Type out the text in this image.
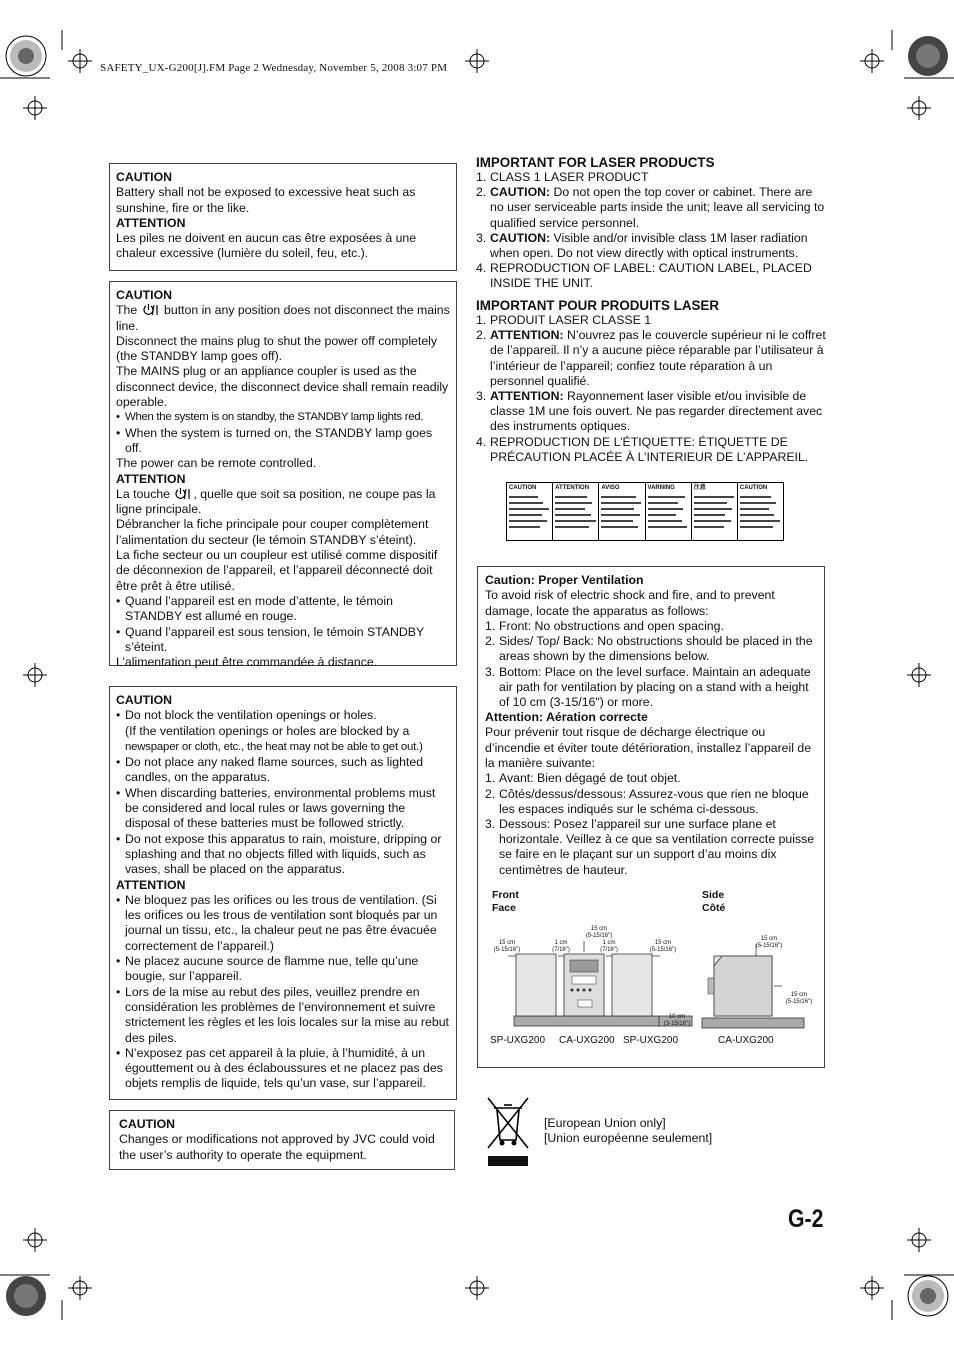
SAFETY_UX-G200[J].FM Page 2 Wednesday, November 5, 2008 3:07 PM

CAUTION

Battery shall not be exposed to excessive heat such as sunshine, fire or the like.

ATTENTION

Les piles ne doivent en aucun cas être exposées à une chaleur excessive (lumière du soleil, feu, etc.).

CAUTION

The button in any position does not disconnect the mains line.

Disconnect the mains plug to shut the power off completely (the STANDBY lamp goes off).

The MAINS plug or an appliance coupler is used as the disconnect device, the disconnect device shall remain readily operable.

• When the system is on standby, the STANDBY lamp lights red.
• When the system is turned on, the STANDBY lamp goes off.

The power can be remote controlled.

ATTENTION

La touche , quelle que soit sa position, ne coupe pas la ligne principale.

Débrancher la fiche principale pour couper complètement l’alimentation du secteur (le témoin STANDBY s’éteint).

La fiche secteur ou un coupleur est utilisé comme dispositif de déconnexion de l’appareil, et l’appareil déconnecté doit être prêt à être utilisé.

• Quand l’appareil est en mode d’attente, le témoin STANDBY est allumé en rouge.
• Quand l’appareil est sous tension, le témoin STANDBY s’éteint.

L’alimentation peut être commandée à distance.

CAUTION

• Do not block the ventilation openings or holes.
(If the ventilation openings or holes are blocked by a
newspaper or cloth, etc., the heat may not be able to get out.)
• Do not place any naked flame sources, such as lighted candles, on the apparatus.
• When discarding batteries, environmental problems must be considered and local rules or laws governing the disposal of these batteries must be followed strictly.
• Do not expose this apparatus to rain, moisture, dripping or splashing and that no objects filled with liquids, such as vases, shall be placed on the apparatus.

ATTENTION

• Ne bloquez pas les orifices ou les trous de ventilation. (Si les orifices ou les trous de ventilation sont bloqués par un journal un tissu, etc., la chaleur peut ne pas être évacuée correctement de l’appareil.)
• Ne placez aucune source de flamme nue, telle qu’une bougie, sur l’appareil.
• Lors de la mise au rebut des piles, veuillez prendre en considération les problèmes de l’environnement et suivre strictement les règles et les lois locales sur la mise au rebut des piles.
• N’exposez pas cet appareil à la pluie, à l’humidité, à un égouttement ou à des éclaboussures et ne placez pas des objets remplis de liquide, tels qu’un vase, sur l’appareil.

CAUTION

Changes or modifications not approved by JVC could void the user’s authority to operate the equipment.

IMPORTANT FOR LASER PRODUCTS
1. CLASS 1 LASER PRODUCT
2. CAUTION: Do not open the top cover or cabinet. There are no user serviceable parts inside the unit; leave all servicing to qualified service personnel.
3. CAUTION: Visible and/or invisible class 1M laser radiation when open. Do not view directly with optical instruments.
4. REPRODUCTION OF LABEL: CAUTION LABEL, PLACED INSIDE THE UNIT.
IMPORTANT POUR PRODUITS LASER
1. PRODUIT LASER CLASSE 1
2. ATTENTION: N’ouvrez pas le couvercle supérieur ni le coffret de l’appareil. Il n’y a aucune pièce réparable par l’utilisateur à l’intérieur de l’appareil; confiez toute réparation à un personnel qualifié.
3. ATTENTION: Rayonnement laser visible et/ou invisible de classe 1M une fois ouvert. Ne pas regarder directement avec des instruments optiques.
4. REPRODUCTION DE L’ÉTIQUETTE: ÉTIQUETTE DE PRÉCAUTION PLACÉE À L’INTERIEUR DE L’APPAREIL.
CAUTION	ATTENTION	AVISO	VARNING	注意	CAUTION

Caution: Proper Ventilation

To avoid risk of electric shock and fire, and to prevent damage, locate the apparatus as follows:

1. Front: No obstructions and open spacing.
2. Sides/ Top/ Back: No obstructions should be placed in the areas shown by the dimensions below.
3. Bottom: Place on the level surface. Maintain an adequate air path for ventilation by placing on a stand with a height of 10 cm (3-15/16") or more.

Attention: Aération correcte

Pour prévenir tout risque de décharge électrique ou d’incendie et éviter toute détérioration, installez l’appareil de la manière suivante:

1. Avant: Bien dégagé de tout objet.
2. Côtés/dessus/dessous: Assurez-vous que rien ne bloque les espaces indiqués sur le schéma ci-dessous.
3. Dessous: Posez l’appareil sur une surface plane et horizontale. Veillez à ce que sa ventilation correcte puisse se faire en le plaçant sur un support d’au moins dix centimètres de hauteur.
Front
Face
Side
Côté
15 cm
(5-15/16")
1 cm
(7/16")
15 cm
(5-15/16")
1 cm
(7/16")
15 cm
(5-15/16")
10 cm
(3-15/16")
15 cm
(5-15/16")
15 cm
(5-15/16")
SP-UXG200 CA-UXG200 SP-UXG200	CA-UXG200
[European Union only]
[Union européenne seulement]
G-2
